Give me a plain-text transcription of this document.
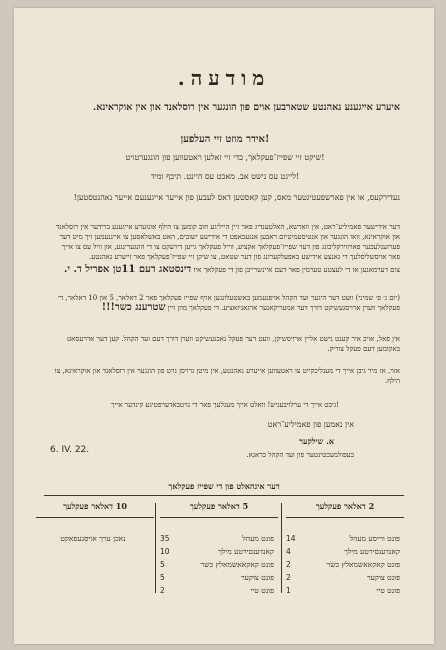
מודעה.
איערע אייגענע נאהנטע שטארבען אוים פון הונגער אין רוסלאנד און אין אוקראינא.
אידר מוזט זיי העלפען!
שיקט זיי שפייז־פעקלאך, כדי זיי זאלען ראטעווען פון הונגערטויט!
לייגט עס נישט אב. מאכט עס היינט. תיכף ומיד!
נעדירקעס, או אין פארשפעטיגטער מאס, קען קאסטען דאס לעבען פון אייער אייגענעם אייער נאהנטסטען!
דער אידישער פאמיליע־ראט, אין ווארשא, האלטענדיג פאר זיין הייליגע חוב קומען צו הילף אונזערע אייגענע ברידער אין רוסלאנד און אוקראינא, וואו הונגער און אנטיסעמיטיזם ראבען אנגעכאפט די אידישע ישובים, האט באשלאסען צו אייננעמען זיך מיט דער פערזענלעכער פארווירקליכונג פון דער שפייז־פעקלאך אקציע, ווייל פעקלאך גייען דירעקט צו די הונגערינגע, און וויל עס צו אייך פאר אויסשליסלעך די גאנצע אידישע באפעלקערונג פון דער שטאט, צו שיקן זיי שפייז־פעקלאך פאר זייערע נאהנטע.
צום דערמאנען אז די לעצטע טערמין פאר דעם איינשרייבן פון די פעקלאך איז דינסטאג דעם 11טן אפריל ד. י.
(יום ג׳ פ׳ שמיני) וועט דער היגער ועד הקהל אויפנעמען באשטעלונגען אויף שפייז פעקלאך פאר 2 דאלאר, 5 און 10 דאלאר, די פעקלאך ווערן ארויסגעשיקט דורך דער אמעריקאנער ארגאניזאציע. די פעקלאך מוזן זיין שטרענג כשר!!!
אין פאל, אויב איר קענט נישט אליין ארויסשיקן, וועט דער פעקל נאכגעשיקט ווערן דורך דעם ועד הקהל. קען דער אדרעסאט באקומען דעם פעקל צוריק.
אזוי, אז מיר גיבן אייך די מעגליכקייט צו ראטעווען אייערע נאהנטע, אין מיטן גרויסן נויט פון הונגער אין רוסלאנד און אוקראינא, צו הילף.
גיבט אייך די ערלויבעניש! וואלט אייך מעגלעך פאר די נויטבאדערפטיגע קינדער אייך!
אין נאמען פון פאמיליע־ראט
א. שילקער
בעפולמעכטיגטער פון ועד הקהל בראנא.
6. IV. 22.
דער אינהאלט פון די שפייז פעקלאך
2 דאלאר פעקלעך
פונט ווייסע מעהל
14
קאנדענסירטע מילך
4
פונט קאקאאשמאלץ כשר
2
פונט צוקער
2
פונט טיי
1
5 דאלאר פעקלעך
פונט מעהל
35
קאנדענסירטע מילך
10
פונט קאקאאשמאלץ כשר
5
פונט צוקער
5
פונט טיי
2
10 דאלאר פעקלעך
נאכן ערך אויסגעפאקט
